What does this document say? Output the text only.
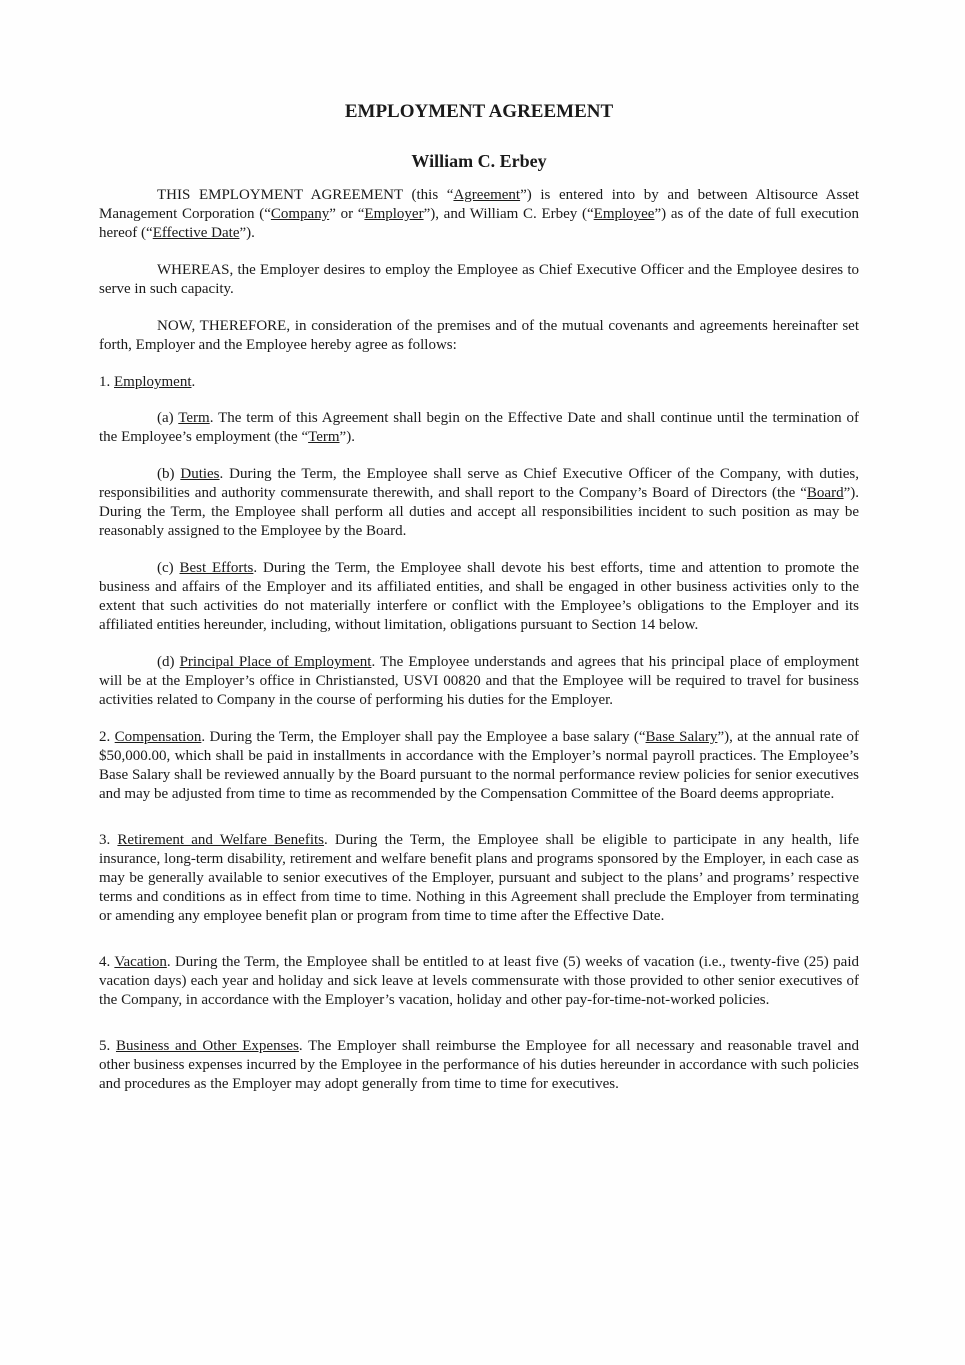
EMPLOYMENT AGREEMENT
William C. Erbey

THIS EMPLOYMENT AGREEMENT (this “Agreement”) is entered into by and between Altisource Asset Management Corporation (“Company” or “Employer”), and William C. Erbey (“Employee”) as of the date of full execution hereof (“Effective Date”).

WHEREAS, the Employer desires to employ the Employee as Chief Executive Officer and the Employee desires to serve in such capacity.

NOW, THEREFORE, in consideration of the premises and of the mutual covenants and agreements hereinafter set forth, Employer and the Employee hereby agree as follows:

1. Employment.

(a) Term. The term of this Agreement shall begin on the Effective Date and shall continue until the termination of the Employee’s employment (the “Term”).

(b) Duties. During the Term, the Employee shall serve as Chief Executive Officer of the Company, with duties, responsibilities and authority commensurate therewith, and shall report to the Company’s Board of Directors (the “Board”). During the Term, the Employee shall perform all duties and accept all responsibilities incident to such position as may be reasonably assigned to the Employee by the Board.

(c) Best Efforts. During the Term, the Employee shall devote his best efforts, time and attention to promote the business and affairs of the Employer and its affiliated entities, and shall be engaged in other business activities only to the extent that such activities do not materially interfere or conflict with the Employee’s obligations to the Employer and its affiliated entities hereunder, including, without limitation, obligations pursuant to Section 14 below.

(d) Principal Place of Employment. The Employee understands and agrees that his principal place of employment will be at the Employer’s office in Christiansted, USVI 00820 and that the Employee will be required to travel for business activities related to Company in the course of performing his duties for the Employer.

2. Compensation. During the Term, the Employer shall pay the Employee a base salary (“Base Salary”), at the annual rate of $50,000.00, which shall be paid in installments in accordance with the Employer’s normal payroll practices. The Employee’s Base Salary shall be reviewed annually by the Board pursuant to the normal performance review policies for senior executives and may be adjusted from time to time as recommended by the Compensation Committee of the Board deems appropriate.

3. Retirement and Welfare Benefits. During the Term, the Employee shall be eligible to participate in any health, life insurance, long-term disability, retirement and welfare benefit plans and programs sponsored by the Employer, in each case as may be generally available to senior executives of the Employer, pursuant and subject to the plans’ and programs’ respective terms and conditions as in effect from time to time. Nothing in this Agreement shall preclude the Employer from terminating or amending any employee benefit plan or program from time to time after the Effective Date.

4. Vacation. During the Term, the Employee shall be entitled to at least five (5) weeks of vacation (i.e., twenty-five (25) paid vacation days) each year and holiday and sick leave at levels commensurate with those provided to other senior executives of the Company, in accordance with the Employer’s vacation, holiday and other pay-for-time-not-worked policies.

5. Business and Other Expenses. The Employer shall reimburse the Employee for all necessary and reasonable travel and other business expenses incurred by the Employee in the performance of his duties hereunder in accordance with such policies and procedures as the Employer may adopt generally from time to time for executives.
